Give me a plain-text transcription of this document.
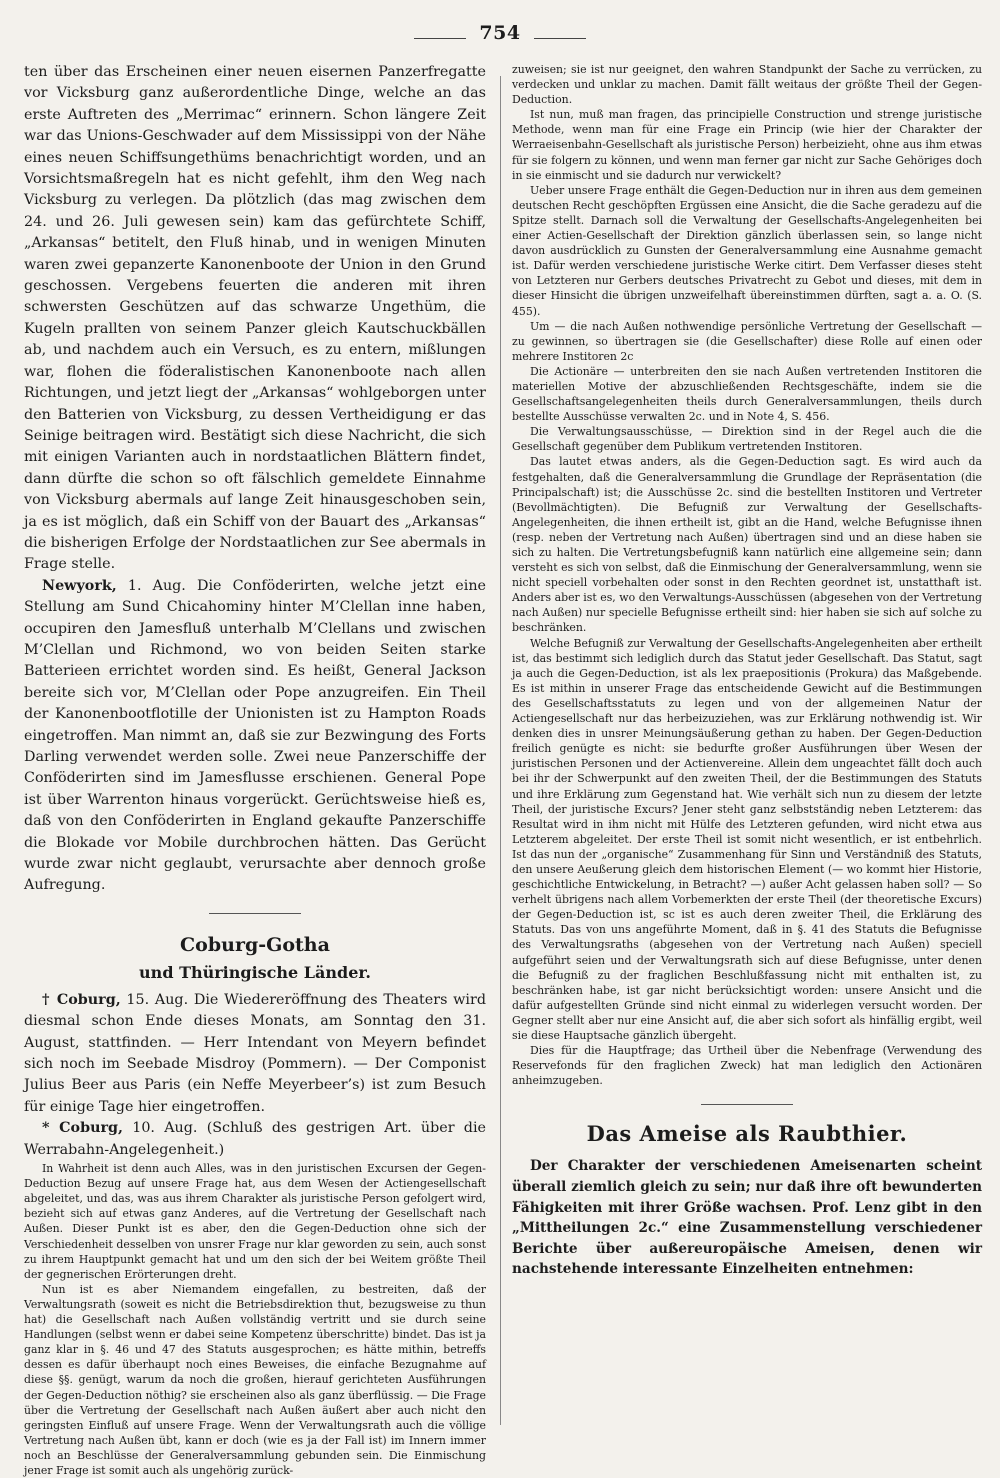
754

ten über das Erscheinen einer neuen eisernen Panzerfregatte vor Vicksburg ganz außerordentliche Dinge, welche an das erste Auftreten des „Merrimac“ erinnern. Schon längere Zeit war das Unions-Geschwader auf dem Mississippi von der Nähe eines neuen Schiffsungethüms benachrichtigt worden, und an Vorsichtsmaßregeln hat es nicht gefehlt, ihm den Weg nach Vicksburg zu verlegen. Da plötzlich (das mag zwischen dem 24. und 26. Juli gewesen sein) kam das gefürchtete Schiff, „Arkansas“ betitelt, den Fluß hinab, und in wenigen Minuten waren zwei gepanzerte Kanonenboote der Union in den Grund geschossen. Vergebens feuerten die anderen mit ihren schwersten Geschützen auf das schwarze Ungethüm, die Kugeln prallten von seinem Panzer gleich Kautschuckbällen ab, und nachdem auch ein Versuch, es zu entern, mißlungen war, flohen die föderalistischen Kanonenboote nach allen Richtungen, und jetzt liegt der „Arkansas“ wohlgeborgen unter den Batterien von Vicksburg, zu dessen Vertheidigung er das Seinige beitragen wird. Bestätigt sich diese Nachricht, die sich mit einigen Varianten auch in nordstaatlichen Blättern findet, dann dürfte die schon so oft fälschlich gemeldete Einnahme von Vicksburg abermals auf lange Zeit hinausgeschoben sein, ja es ist möglich, daß ein Schiff von der Bauart des „Arkansas“ die bisherigen Erfolge der Nordstaatlichen zur See abermals in Frage stelle.

Newyork, 1. Aug. Die Conföderirten, welche jetzt eine Stellung am Sund Chicahominy hinter M’Clellan inne haben, occupiren den Jamesfluß unterhalb M’Clellans und zwischen M’Clellan und Richmond, wo von beiden Seiten starke Batterieen errichtet worden sind. Es heißt, General Jackson bereite sich vor, M’Clellan oder Pope anzugreifen. Ein Theil der Kanonenbootflotille der Unionisten ist zu Hampton Roads eingetroffen. Man nimmt an, daß sie zur Bezwingung des Forts Darling verwendet werden solle. Zwei neue Panzerschiffe der Conföderirten sind im Jamesflusse erschienen. General Pope ist über Warrenton hinaus vorgerückt. Gerüchtsweise hieß es, daß von den Conföderirten in England gekaufte Panzerschiffe die Blokade vor Mobile durchbrochen hätten. Das Gerücht wurde zwar nicht geglaubt, verursachte aber dennoch große Aufregung.

Coburg-Gotha

und Thüringische Länder.

† Coburg, 15. Aug. Die Wiedereröffnung des Theaters wird diesmal schon Ende dieses Monats, am Sonntag den 31. August, stattfinden. — Herr Intendant von Meyern befindet sich noch im Seebade Misdroy (Pommern). — Der Componist Julius Beer aus Paris (ein Neffe Meyerbeer’s) ist zum Besuch für einige Tage hier eingetroffen.

* Coburg, 10. Aug. (Schluß des gestrigen Art. über die Werrabahn-Angelegenheit.)

In Wahrheit ist denn auch Alles, was in den juristischen Excursen der Gegen-Deduction Bezug auf unsere Frage hat, aus dem Wesen der Actiengesellschaft abgeleitet, und das, was aus ihrem Charakter als juristische Person gefolgert wird, bezieht sich auf etwas ganz Anderes, auf die Vertretung der Gesellschaft nach Außen. Dieser Punkt ist es aber, den die Gegen-Deduction ohne sich der Verschiedenheit desselben von unsrer Frage nur klar geworden zu sein, auch sonst zu ihrem Hauptpunkt gemacht hat und um den sich der bei Weitem größte Theil der gegnerischen Erörterungen dreht.

Nun ist es aber Niemandem eingefallen, zu bestreiten, daß der Verwaltungsrath (soweit es nicht die Betriebsdirektion thut, bezugsweise zu thun hat) die Gesellschaft nach Außen vollständig vertritt und sie durch seine Handlungen (selbst wenn er dabei seine Kompetenz überschritte) bindet. Das ist ja ganz klar in §. 46 und 47 des Statuts ausgesprochen; es hätte mithin, betreffs dessen es dafür überhaupt noch eines Beweises, die einfache Bezugnahme auf diese §§. genügt, warum da noch die großen, hierauf gerichteten Ausführungen der Gegen-Deduction nöthig? sie erscheinen also als ganz überflüssig. — Die Frage über die Vertretung der Gesellschaft nach Außen äußert aber auch nicht den geringsten Einfluß auf unsere Frage. Wenn der Verwaltungsrath auch die völlige Vertretung nach Außen übt, kann er doch (wie es ja der Fall ist) im Innern immer noch an Beschlüsse der Generalversammlung gebunden sein. Die Einmischung jener Frage ist somit auch als ungehörig zurück-

zuweisen; sie ist nur geeignet, den wahren Standpunkt der Sache zu verrücken, zu verdecken und unklar zu machen. Damit fällt weitaus der größte Theil der Gegen-Deduction.

Ist nun, muß man fragen, das principielle Construction und strenge juristische Methode, wenn man für eine Frage ein Princip (wie hier der Charakter der Werraeisenbahn-Gesellschaft als juristische Person) herbeizieht, ohne aus ihm etwas für sie folgern zu können, und wenn man ferner gar nicht zur Sache Gehöriges doch in sie einmischt und sie dadurch nur verwickelt?

Ueber unsere Frage enthält die Gegen-Deduction nur in ihren aus dem gemeinen deutschen Recht geschöpften Ergüssen eine Ansicht, die die Sache geradezu auf die Spitze stellt. Darnach soll die Verwaltung der Gesellschafts-Angelegenheiten bei einer Actien-Gesellschaft der Direktion gänzlich überlassen sein, so lange nicht davon ausdrücklich zu Gunsten der Generalversammlung eine Ausnahme gemacht ist. Dafür werden verschiedene juristische Werke citirt. Dem Verfasser dieses steht von Letzteren nur Gerbers deutsches Privatrecht zu Gebot und dieses, mit dem in dieser Hinsicht die übrigen unzweifelhaft übereinstimmen dürften, sagt a. a. O. (S. 455).

Um — die nach Außen nothwendige persönliche Vertretung der Gesellschaft — zu gewinnen, so übertragen sie (die Gesellschafter) diese Rolle auf einen oder mehrere Institoren 2c

Die Actionäre — unterbreiten den sie nach Außen vertretenden Institoren die materiellen Motive der abzuschließenden Rechtsgeschäfte, indem sie die Gesellschaftsangelegenheiten theils durch Generalversammlungen, theils durch bestellte Ausschüsse verwalten 2c. und in Note 4, S. 456.

Die Verwaltungsausschüsse, — Direktion sind in der Regel auch die die Gesellschaft gegenüber dem Publikum vertretenden Institoren.

Das lautet etwas anders, als die Gegen-Deduction sagt. Es wird auch da festgehalten, daß die Generalversammlung die Grundlage der Repräsentation (die Principalschaft) ist; die Ausschüsse 2c. sind die bestellten Institoren und Vertreter (Bevollmächtigten). Die Befugniß zur Verwaltung der Gesellschafts-Angelegenheiten, die ihnen ertheilt ist, gibt an die Hand, welche Befugnisse ihnen (resp. neben der Vertretung nach Außen) übertragen sind und an diese haben sie sich zu halten. Die Vertretungsbefugniß kann natürlich eine allgemeine sein; dann versteht es sich von selbst, daß die Einmischung der Generalversammlung, wenn sie nicht speciell vorbehalten oder sonst in den Rechten geordnet ist, unstatthaft ist. Anders aber ist es, wo den Verwaltungs-Ausschüssen (abgesehen von der Vertretung nach Außen) nur specielle Befugnisse ertheilt sind: hier haben sie sich auf solche zu beschränken.

Welche Befugniß zur Verwaltung der Gesellschafts-Angelegenheiten aber ertheilt ist, das bestimmt sich lediglich durch das Statut jeder Gesellschaft. Das Statut, sagt ja auch die Gegen-Deduction, ist als lex praepositionis (Prokura) das Maßgebende. Es ist mithin in unserer Frage das entscheidende Gewicht auf die Bestimmungen des Gesellschaftsstatuts zu legen und von der allgemeinen Natur der Actiengesellschaft nur das herbeizuziehen, was zur Erklärung nothwendig ist. Wir denken dies in unsrer Meinungsäußerung gethan zu haben. Der Gegen-Deduction freilich genügte es nicht: sie bedurfte großer Ausführungen über Wesen der juristischen Personen und der Actienvereine. Allein dem ungeachtet fällt doch auch bei ihr der Schwerpunkt auf den zweiten Theil, der die Bestimmungen des Statuts und ihre Erklärung zum Gegenstand hat. Wie verhält sich nun zu diesem der letzte Theil, der juristische Excurs? Jener steht ganz selbstständig neben Letzterem: das Resultat wird in ihm nicht mit Hülfe des Letzteren gefunden, wird nicht etwa aus Letzterem abgeleitet. Der erste Theil ist somit nicht wesentlich, er ist entbehrlich. Ist das nun der „organische“ Zusammenhang für Sinn und Verständniß des Statuts, den unsere Aeußerung gleich dem historischen Element (— wo kommt hier Historie, geschichtliche Entwickelung, in Betracht? —) außer Acht gelassen haben soll? — So verhelt übrigens nach allem Vorbemerkten der erste Theil (der theoretische Excurs) der Gegen-Deduction ist, sc ist es auch deren zweiter Theil, die Erklärung des Statuts. Das von uns angeführte Moment, daß in §. 41 des Statuts die Befugnisse des Verwaltungsraths (abgesehen von der Vertretung nach Außen) speciell aufgeführt seien und der Verwaltungsrath sich auf diese Befugnisse, unter denen die Befugniß zu der fraglichen Beschlußfassung nicht mit enthalten ist, zu beschränken habe, ist gar nicht berücksichtigt worden: unsere Ansicht und die dafür aufgestellten Gründe sind nicht einmal zu widerlegen versucht worden. Der Gegner stellt aber nur eine Ansicht auf, die aber sich sofort als hinfällig ergibt, weil sie diese Hauptsache gänzlich übergeht.

Dies für die Hauptfrage; das Urtheil über die Nebenfrage (Verwendung des Reservefonds für den fraglichen Zweck) hat man lediglich den Actionären anheimzugeben.

Das Ameise als Raubthier.

Der Charakter der verschiedenen Ameisenarten scheint überall ziemlich gleich zu sein; nur daß ihre oft bewunderten Fähigkeiten mit ihrer Größe wachsen. Prof. Lenz gibt in den „Mittheilungen 2c.“ eine Zusammenstellung verschiedener Berichte über außereuropäische Ameisen, denen wir nachstehende interessante Einzelheiten entnehmen:
